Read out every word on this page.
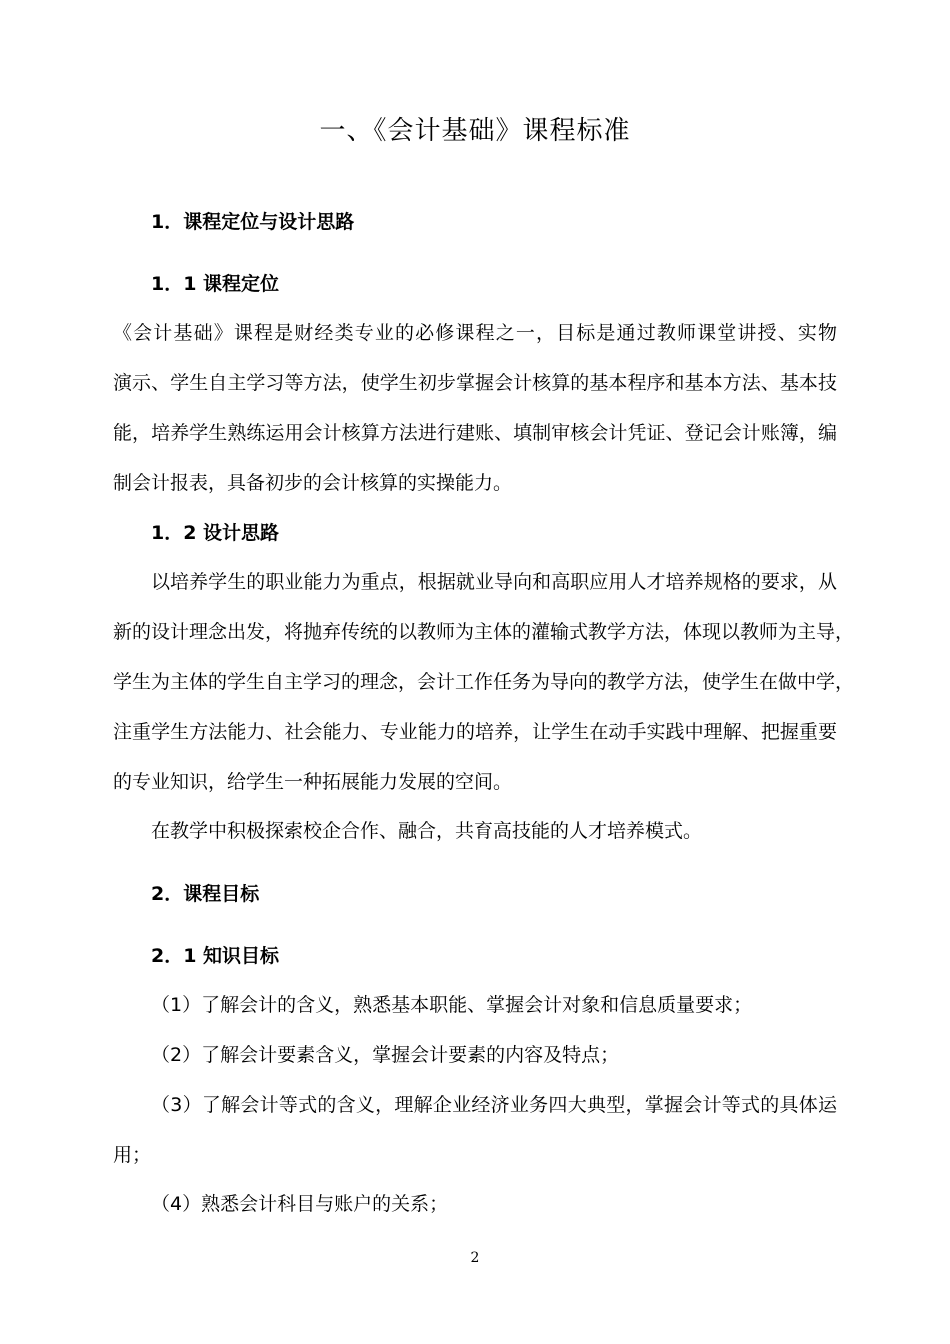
一、《会计基础》课程标准
1．课程定位与设计思路
1．1 课程定位
《会计基础》课程是财经类专业的必修课程之一，目标是通过教师课堂讲授、实物
演示、学生自主学习等方法，使学生初步掌握会计核算的基本程序和基本方法、基本技
能，培养学生熟练运用会计核算方法进行建账、填制审核会计凭证、登记会计账簿，编
制会计报表，具备初步的会计核算的实操能力。
1．2 设计思路
以培养学生的职业能力为重点，根据就业导向和高职应用人才培养规格的要求，从
新的设计理念出发，将抛弃传统的以教师为主体的灌输式教学方法，体现以教师为主导，
学生为主体的学生自主学习的理念，会计工作任务为导向的教学方法，使学生在做中学，
注重学生方法能力、社会能力、专业能力的培养，让学生在动手实践中理解、把握重要
的专业知识，给学生一种拓展能力发展的空间。
在教学中积极探索校企合作、融合，共育高技能的人才培养模式。
2．课程目标
2．1 知识目标
（1）了解会计的含义，熟悉基本职能、掌握会计对象和信息质量要求；
（2）了解会计要素含义，掌握会计要素的内容及特点；
（3）了解会计等式的含义，理解企业经济业务四大典型，掌握会计等式的具体运
用；
（4）熟悉会计科目与账户的关系；
2
